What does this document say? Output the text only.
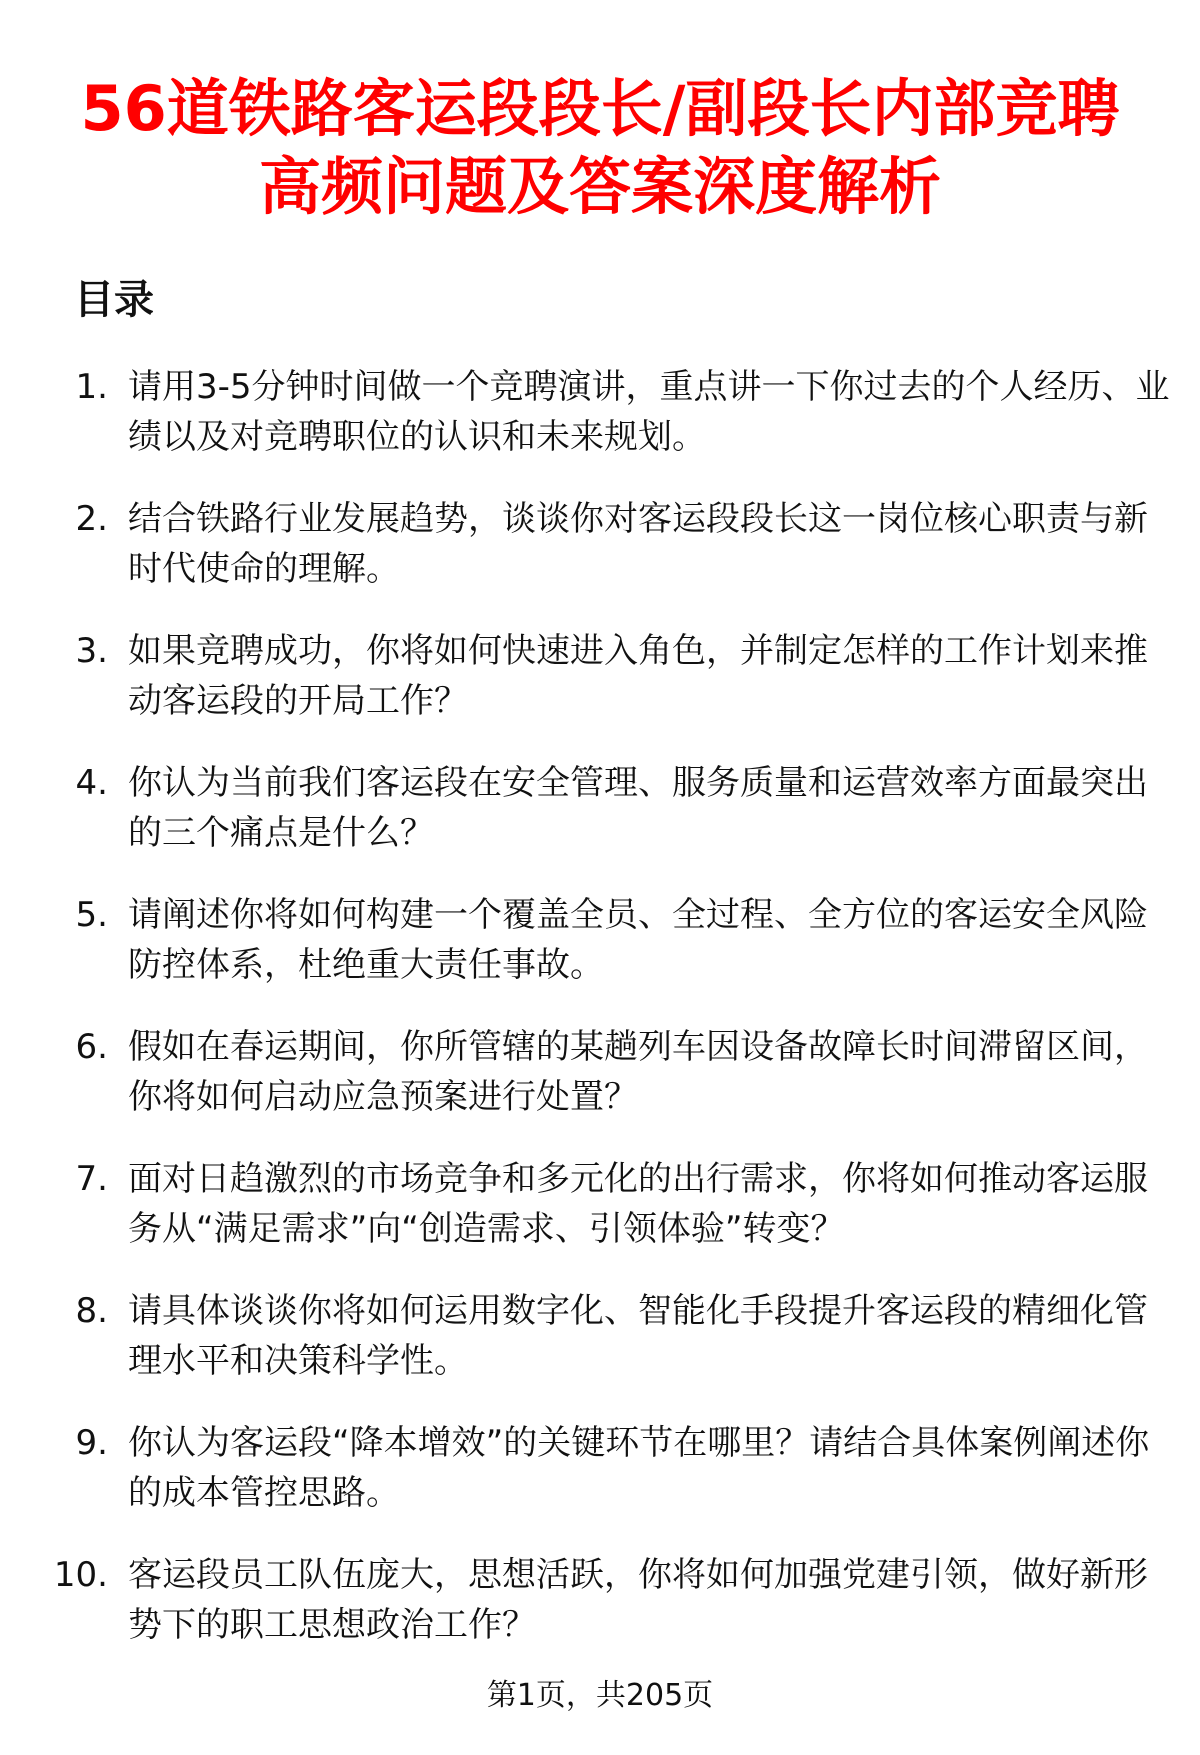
56道铁路客运段段长/副段长内部竞聘高频问题及答案深度解析
目录
1. 请用3-5分钟时间做一个竞聘演讲，重点讲一下你过去的个人经历、业绩以及对竞聘职位的认识和未来规划。
2. 结合铁路行业发展趋势，谈谈你对客运段段长这一岗位核心职责与新时代使命的理解。
3. 如果竞聘成功，你将如何快速进入角色，并制定怎样的工作计划来推动客运段的开局工作？
4. 你认为当前我们客运段在安全管理、服务质量和运营效率方面最突出的三个痛点是什么？
5. 请阐述你将如何构建一个覆盖全员、全过程、全方位的客运安全风险防控体系，杜绝重大责任事故。
6. 假如在春运期间，你所管辖的某趟列车因设备故障长时间滞留区间，你将如何启动应急预案进行处置？
7. 面对日趋激烈的市场竞争和多元化的出行需求，你将如何推动客运服务从“满足需求”向“创造需求、引领体验”转变？
8. 请具体谈谈你将如何运用数字化、智能化手段提升客运段的精细化管理水平和决策科学性。
9. 你认为客运段“降本增效”的关键环节在哪里？请结合具体案例阐述你的成本管控思路。
10. 客运段员工队伍庞大，思想活跃，你将如何加强党建引领，做好新形势下的职工思想政治工作？
第1页，共205页
